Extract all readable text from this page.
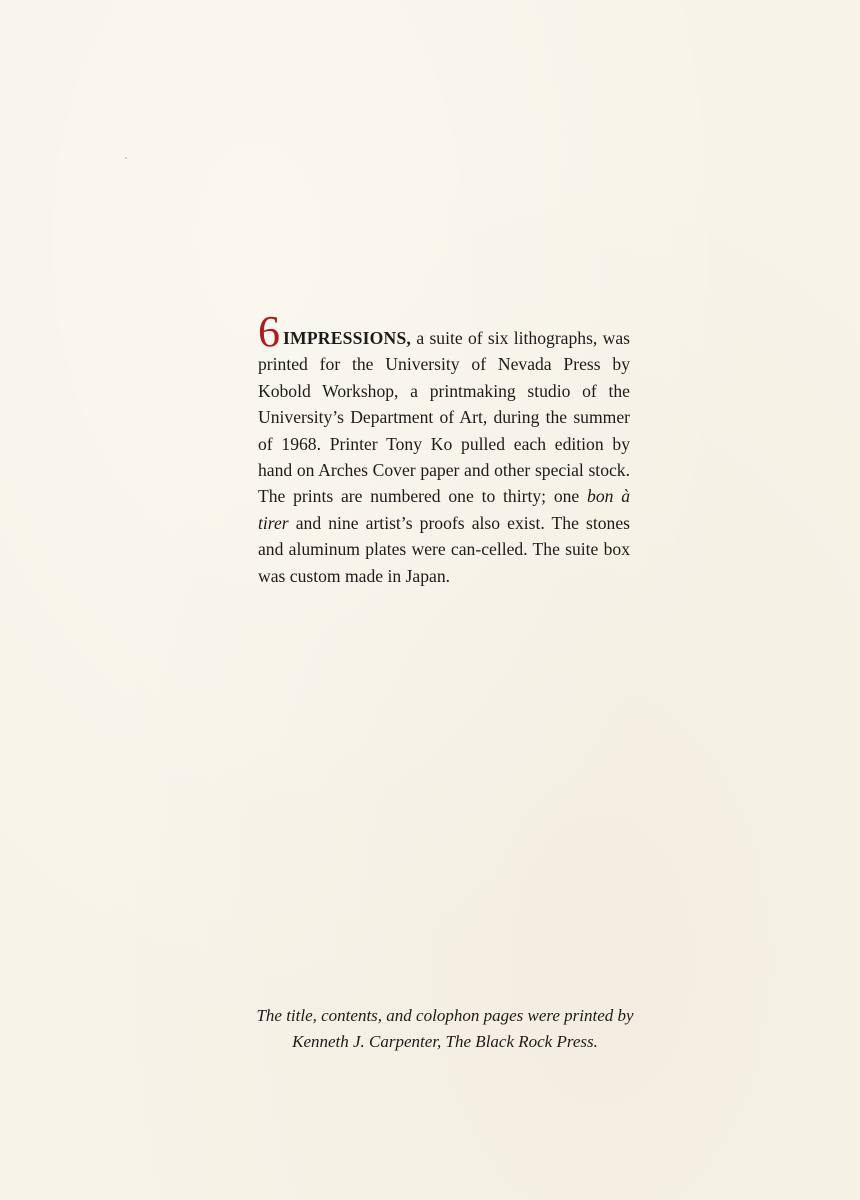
6 IMPRESSIONS, a suite of six lithographs, was printed for the University of Nevada Press by Kobold Workshop, a printmaking studio of the University’s Department of Art, during the summer of 1968. Printer Tony Ko pulled each edition by hand on Arches Cover paper and other special stock. The prints are numbered one to thirty; one bon à tirer and nine artist’s proofs also exist. The stones and aluminum plates were can-celled. The suite box was custom made in Japan.
The title, contents, and colophon pages were printed by
Kenneth J. Carpenter, The Black Rock Press.
